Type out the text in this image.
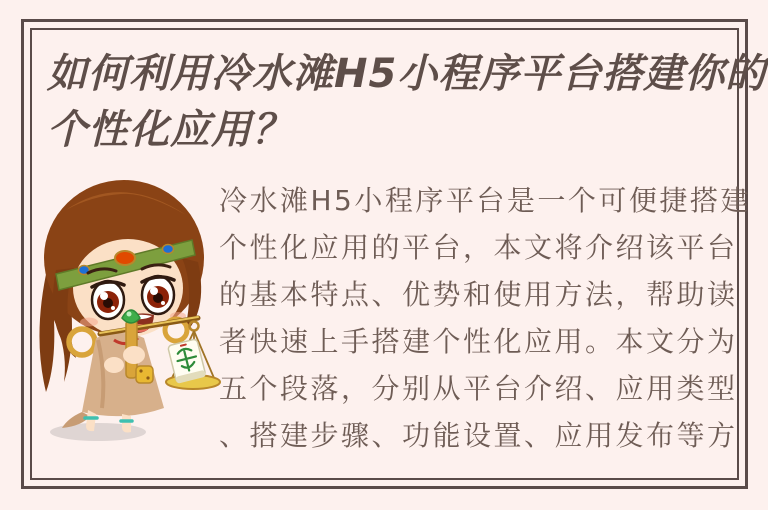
如何利用冷水滩H5小程序平台搭建你的
个性化应用？
冷水滩H5小程序平台是一个可便捷搭建
个性化应用的平台，本文将介绍该平台
的基本特点、优势和使用方法，帮助读
者快速上手搭建个性化应用。本文分为
五个段落，分别从平台介绍、应用类型
、搭建步骤、功能设置、应用发布等方
